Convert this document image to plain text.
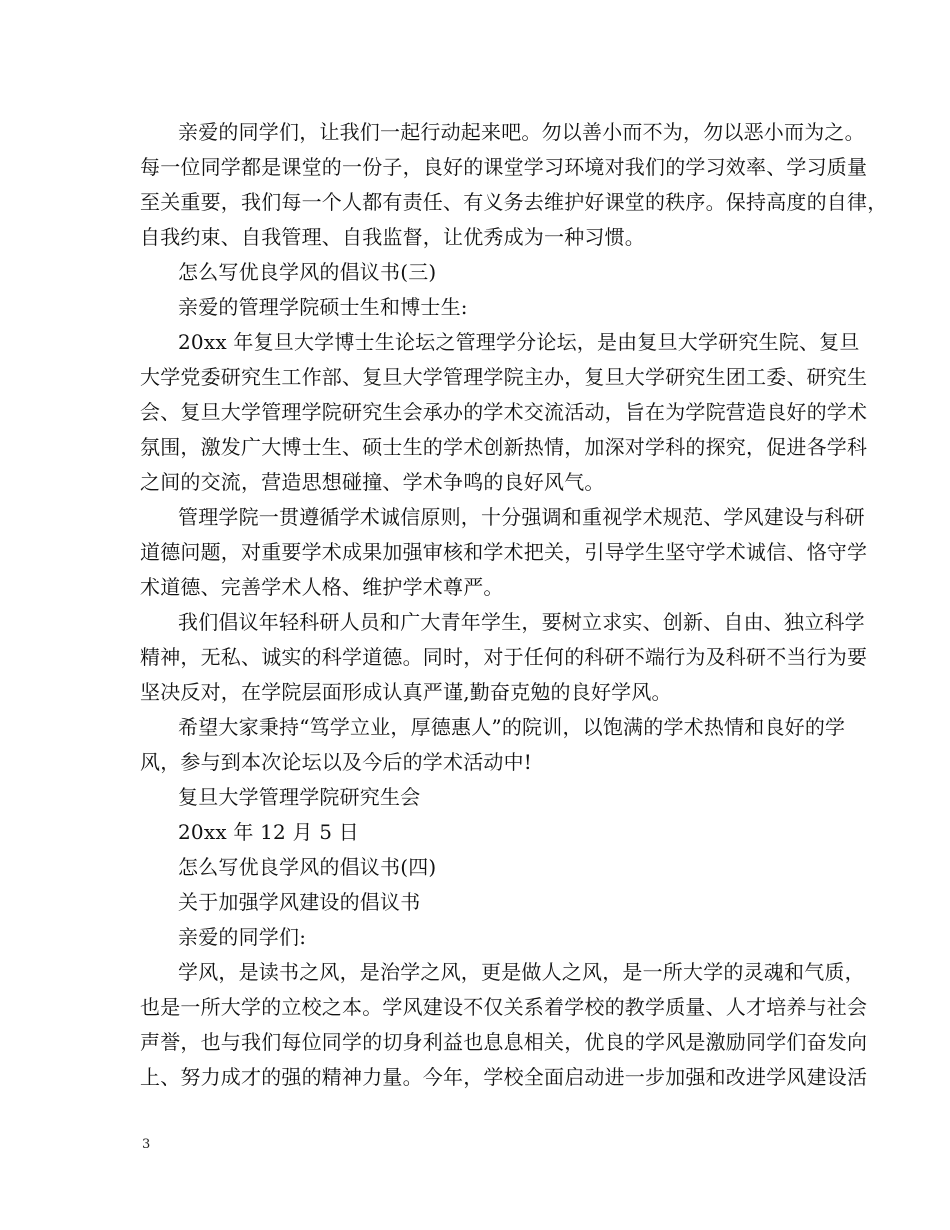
亲爱的同学们，让我们一起行动起来吧。勿以善小而不为，勿以恶小而为之。
每一位同学都是课堂的一份子，良好的课堂学习环境对我们的学习效率、学习质量
至关重要，我们每一个人都有责任、有义务去维护好课堂的秩序。保持高度的自律，
自我约束、自我管理、自我监督，让优秀成为一种习惯。
怎么写优良学风的倡议书(三)
亲爱的管理学院硕士生和博士生:
20xx 年复旦大学博士生论坛之管理学分论坛，是由复旦大学研究生院、复旦
大学党委研究生工作部、复旦大学管理学院主办，复旦大学研究生团工委、研究生
会、复旦大学管理学院研究生会承办的学术交流活动，旨在为学院营造良好的学术
氛围，激发广大博士生、硕士生的学术创新热情，加深对学科的探究，促进各学科
之间的交流，营造思想碰撞、学术争鸣的良好风气。
管理学院一贯遵循学术诚信原则，十分强调和重视学术规范、学风建设与科研
道德问题，对重要学术成果加强审核和学术把关，引导学生坚守学术诚信、恪守学
术道德、完善学术人格、维护学术尊严。
我们倡议年轻科研人员和广大青年学生，要树立求实、创新、自由、独立科学
精神，无私、诚实的科学道德。同时，对于任何的科研不端行为及科研不当行为要
坚决反对，在学院层面形成认真严谨,勤奋克勉的良好学风。
希望大家秉持“笃学立业，厚德惠人”的院训，以饱满的学术热情和良好的学
风，参与到本次论坛以及今后的学术活动中!
复旦大学管理学院研究生会
20xx 年 12 月 5 日
怎么写优良学风的倡议书(四)
关于加强学风建设的倡议书
亲爱的同学们:
学风，是读书之风，是治学之风，更是做人之风，是一所大学的灵魂和气质，
也是一所大学的立校之本。学风建设不仅关系着学校的教学质量、人才培养与社会
声誉，也与我们每位同学的切身利益也息息相关，优良的学风是激励同学们奋发向
上、努力成才的强的精神力量。今年，学校全面启动进一步加强和改进学风建设活
3
